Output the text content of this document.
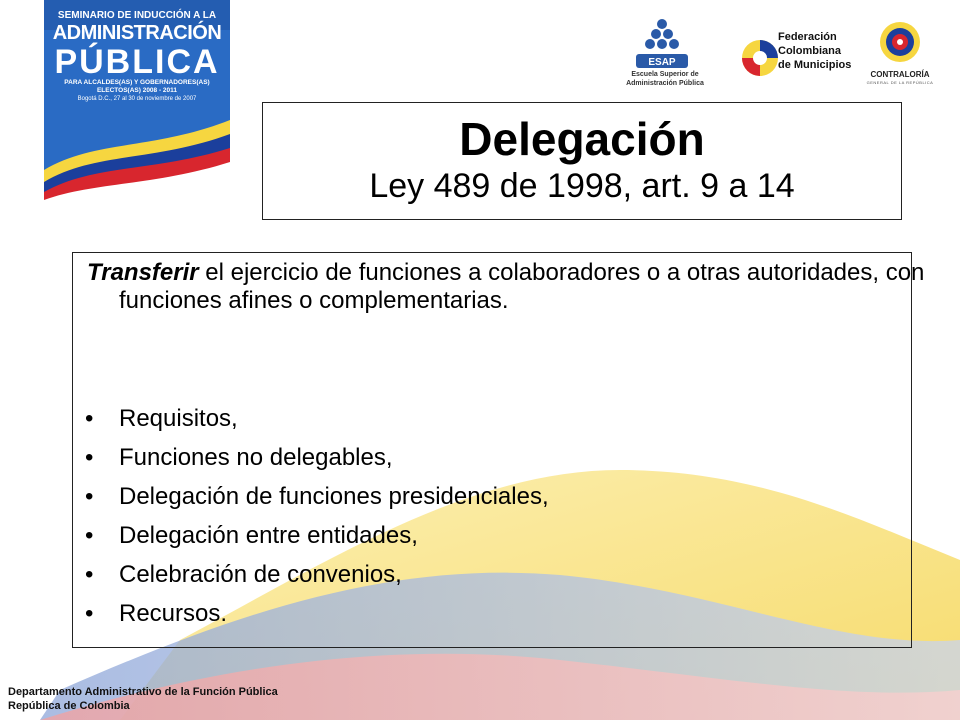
SEMINARIO DE INDUCCIÓN A LA
ADMINISTRACIÓN
PÚBLICA
PARA ALCALDES(AS) Y GOBERNADORES(AS)
ELECTOS(AS) 2008 - 2011
Bogotá D.C., 27 al 30 de noviembre de 2007
ESAP
Escuela Superior de
Administración Pública
Federación
Colombiana
de Municipios
CONTRALORÍA
GENERAL DE LA REPÚBLICA
Delegación
Ley 489 de 1998, art. 9 a 14
Transferir el ejercicio de funciones a colaboradores o a otras autoridades, con funciones afines o complementarias.
• Requisitos,
• Funciones no delegables,
• Delegación de funciones presidenciales,
• Delegación entre entidades,
• Celebración de convenios,
• Recursos.
Departamento Administrativo de la Función Pública
República de Colombia
